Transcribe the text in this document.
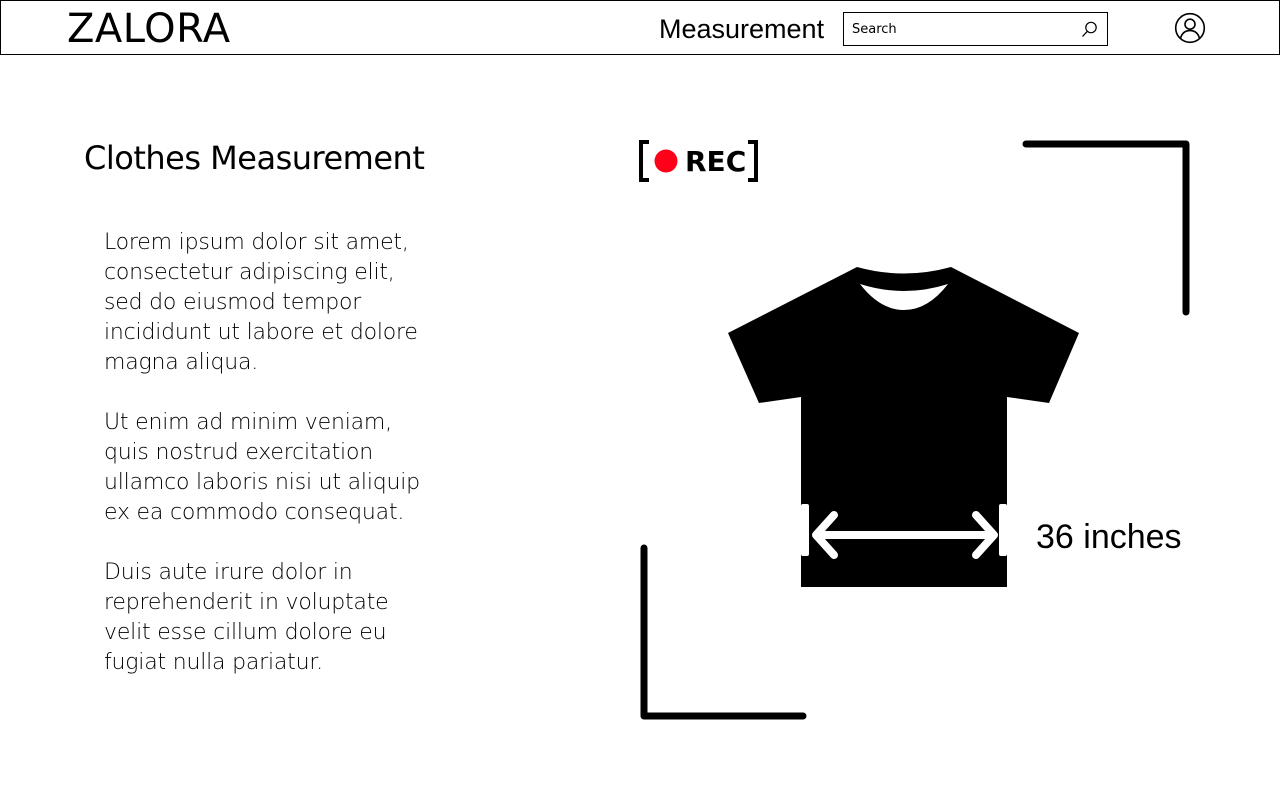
ZALORA	Measurement
Search
Clothes Measurement

Lorem ipsum dolor sit amet, consectetur adipiscing elit, sed do eiusmod tempor incididunt ut labore et dolore magna aliqua.

Ut enim ad minim veniam, quis nostrud exercitation ullamco laboris nisi ut aliquip ex ea commodo consequat.

Duis aute irure dolor in reprehenderit in voluptate velit esse cillum dolore eu fugiat nulla pariatur.

REC
36 inches
